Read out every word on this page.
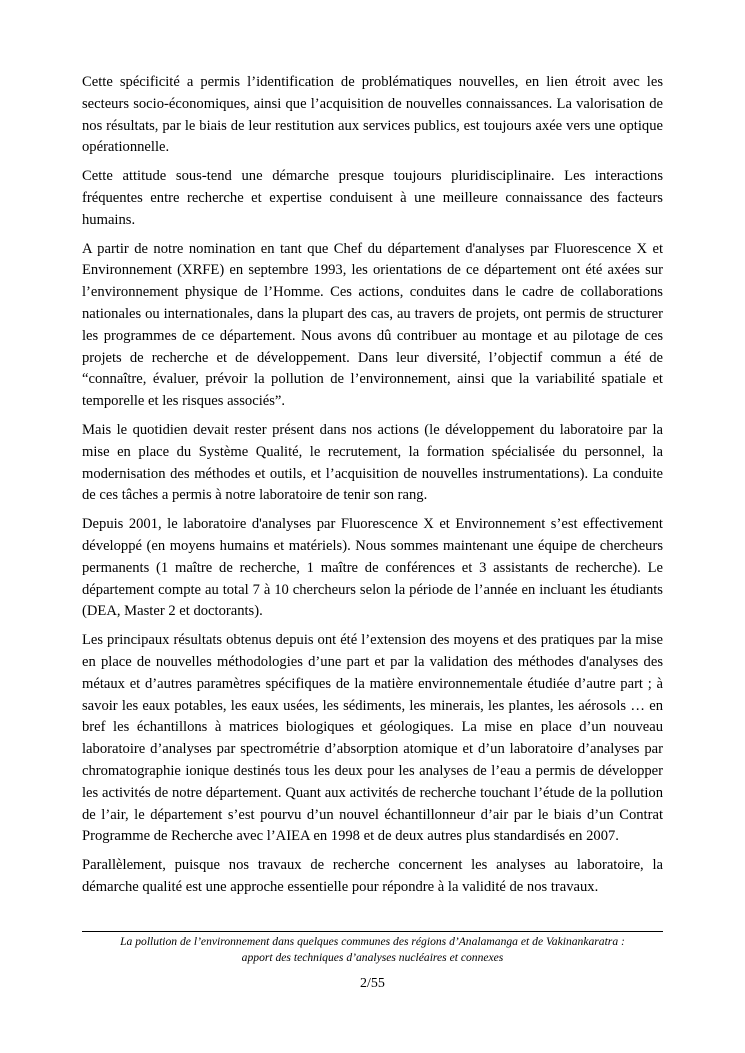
Cette spécificité a permis l’identification de problématiques nouvelles, en lien étroit avec les secteurs socio-économiques, ainsi que l’acquisition de nouvelles connaissances. La valorisation de nos résultats, par le biais de leur restitution aux services publics, est toujours axée vers une optique opérationnelle.

Cette attitude sous-tend une démarche presque toujours pluridisciplinaire. Les interactions fréquentes entre recherche et expertise conduisent à une meilleure connaissance des facteurs humains.

A partir de notre nomination en tant que Chef du département d'analyses par Fluorescence X et Environnement (XRFE) en septembre 1993, les orientations de ce département ont été axées sur l’environnement physique de l’Homme. Ces actions, conduites dans le cadre de collaborations nationales ou internationales, dans la plupart des cas, au travers de projets, ont permis de structurer les programmes de ce département. Nous avons dû contribuer au montage et au pilotage de ces projets de recherche et de développement. Dans leur diversité, l’objectif commun a été de “connaître, évaluer, prévoir la pollution de l’environnement, ainsi que la variabilité spatiale et temporelle et les risques associés”.

Mais le quotidien devait rester présent dans nos actions (le développement du laboratoire par la mise en place du Système Qualité, le recrutement, la formation spécialisée du personnel, la modernisation des méthodes et outils, et l’acquisition de nouvelles instrumentations). La conduite de ces tâches a permis à notre laboratoire de tenir son rang.

Depuis 2001, le laboratoire d'analyses par Fluorescence X et Environnement s’est effectivement développé (en moyens humains et matériels). Nous sommes maintenant une équipe de chercheurs permanents (1 maître de recherche, 1 maître de conférences et 3 assistants de recherche). Le département compte au total 7 à 10 chercheurs selon la période de l’année en incluant les étudiants (DEA, Master 2 et doctorants).

Les principaux résultats obtenus depuis ont été l’extension des moyens et des pratiques par la mise en place de nouvelles méthodologies d’une part et par la validation des méthodes d'analyses des métaux et d’autres paramètres spécifiques de la matière environnementale étudiée d’autre part ; à savoir les eaux potables, les eaux usées, les sédiments, les minerais, les plantes, les aérosols … en bref les échantillons à matrices biologiques et géologiques. La mise en place d’un nouveau laboratoire d’analyses par spectrométrie d’absorption atomique et d’un laboratoire d’analyses par chromatographie ionique destinés tous les deux pour les analyses de l’eau a permis de développer les activités de notre département. Quant aux activités de recherche touchant l’étude de la pollution de l’air, le département s’est pourvu d’un nouvel échantillonneur d’air par le biais d’un Contrat Programme de Recherche avec l’AIEA en 1998 et de deux autres plus standardisés en 2007.

Parallèlement, puisque nos travaux de recherche concernent les analyses au laboratoire, la démarche qualité est une approche essentielle pour répondre à la validité de nos travaux.

La pollution de l’environnement dans quelques communes des régions d’Analamanga et de Vakinankaratra :
apport des techniques d’analyses nucléaires et connexes
2/55
